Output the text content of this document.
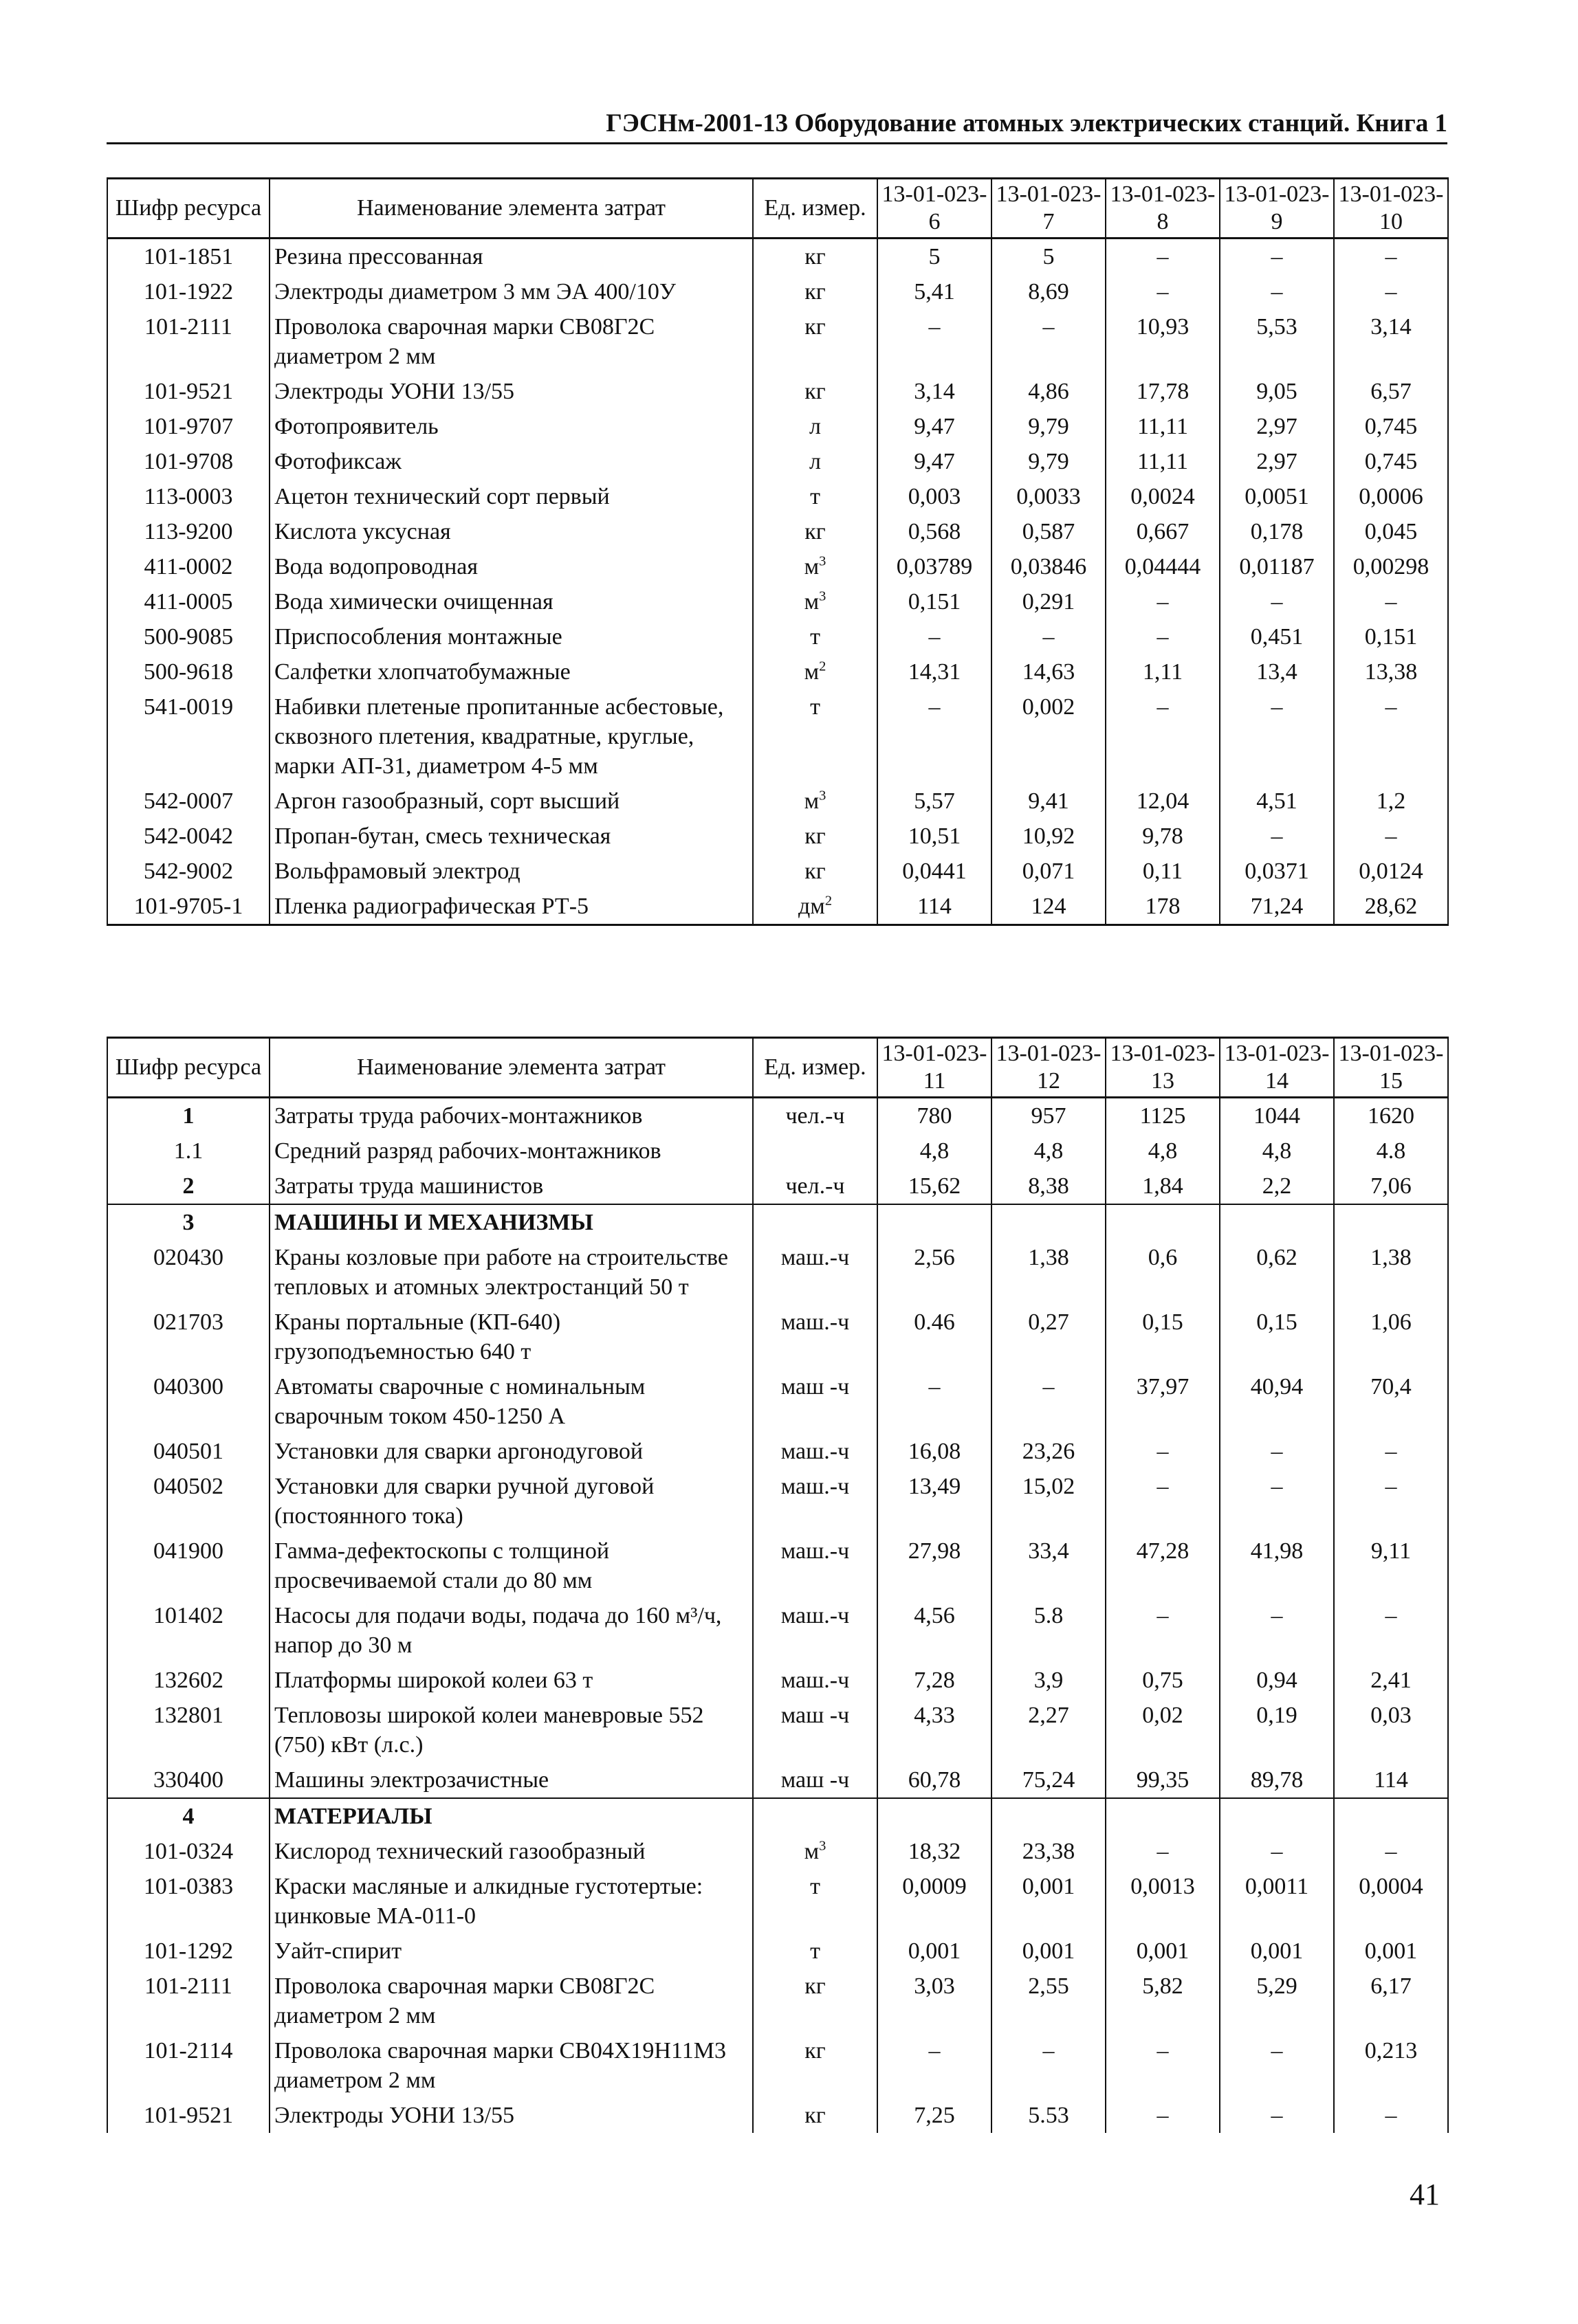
ГЭСНм-2001-13 Оборудование атомных электрических станций. Книга 1
Шифр ресурса	Наименование элемента затрат	Ед. измер.	13-01-023-6	13-01-023-7	13-01-023-8	13-01-023-9	13-01-023-10
101-1851	Резина прессованная	кг	5	5	–	–	–
101-1922	Электроды диаметром 3 мм ЭА 400/10У	кг	5,41	8,69	–	–	–
101-2111	Проволока сварочная марки СВ08Г2С диаметром 2 мм	кг	–	–	10,93	5,53	3,14
101-9521	Электроды УОНИ 13/55	кг	3,14	4,86	17,78	9,05	6,57
101-9707	Фотопроявитель	л	9,47	9,79	11,11	2,97	0,745
101-9708	Фотофиксаж	л	9,47	9,79	11,11	2,97	0,745
113-0003	Ацетон технический сорт первый	т	0,003	0,0033	0,0024	0,0051	0,0006
113-9200	Кислота уксусная	кг	0,568	0,587	0,667	0,178	0,045
411-0002	Вода водопроводная	$м^3$	0,03789	0,03846	0,04444	0,01187	0,00298
411-0005	Вода химически очищенная	$м^3$	0,151	0,291	–	–	–
500-9085	Приспособления монтажные	т	–	–	–	0,451	0,151
500-9618	Салфетки хлопчатобумажные	$м^2$	14,31	14,63	1,11	13,4	13,38
541-0019	Набивки плетеные пропитанные асбестовые, сквозного плетения, квадратные, круглые, марки АП-31, диаметром 4-5 мм	т	–	0,002	–	–	–
542-0007	Аргон газообразный, сорт высший	$м^3$	5,57	9,41	12,04	4,51	1,2
542-0042	Пропан-бутан, смесь техническая	кг	10,51	10,92	9,78	–	–
542-9002	Вольфрамовый электрод	кг	0,0441	0,071	0,11	0,0371	0,0124
101-9705-1	Пленка радиографическая РТ-5	$дм^2$	114	124	178	71,24	28,62
Шифр ресурса	Наименование элемента затрат	Ед. измер.	13-01-023-11	13-01-023-12	13-01-023-13	13-01-023-14	13-01-023-15
1	Затраты труда рабочих-монтажников	чел.-ч	780	957	1125	1044	1620
1.1	Средний разряд рабочих-монтажников		4,8	4,8	4,8	4,8	4.8
2	Затраты труда машинистов	чел.-ч	15,62	8,38	1,84	2,2	7,06
3	МАШИНЫ И МЕХАНИЗМЫ						
020430	Краны козловые при работе на строительстве тепловых и атомных электростанций 50 т	маш.-ч	2,56	1,38	0,6	0,62	1,38
021703	Краны портальные (КП-640) грузоподъемностью 640 т	маш.-ч	0.46	0,27	0,15	0,15	1,06
040300	Автоматы сварочные с номинальным сварочным током 450-1250 А	маш -ч	–	–	37,97	40,94	70,4
040501	Установки для сварки аргонодуговой	маш.-ч	16,08	23,26	–	–	–
040502	Установки для сварки ручной дуговой (постоянного тока)	маш.-ч	13,49	15,02	–	–	–
041900	Гамма-дефектоскопы с толщиной просвечиваемой стали до 80 мм	маш.-ч	27,98	33,4	47,28	41,98	9,11
101402	Насосы для подачи воды, подача до 160 м³/ч, напор до 30 м	маш.-ч	4,56	5.8	–	–	–
132602	Платформы широкой колеи 63 т	маш.-ч	7,28	3,9	0,75	0,94	2,41
132801	Тепловозы широкой колеи маневровые 552 (750) кВт (л.с.)	маш -ч	4,33	2,27	0,02	0,19	0,03
330400	Машины электрозачистные	маш -ч	60,78	75,24	99,35	89,78	114
4	МАТЕРИАЛЫ						
101-0324	Кислород технический газообразный	$м^3$	18,32	23,38	–	–	–
101-0383	Краски масляные и алкидные густотертые: цинковые МА-011-0	т	0,0009	0,001	0,0013	0,0011	0,0004
101-1292	Уайт-спирит	т	0,001	0,001	0,001	0,001	0,001
101-2111	Проволока сварочная марки СВ08Г2С диаметром 2 мм	кг	3,03	2,55	5,82	5,29	6,17
101-2114	Проволока сварочная марки СВ04Х19Н11М3 диаметром 2 мм	кг	–	–	–	–	0,213
101-9521	Электроды УОНИ 13/55	кг	7,25	5.53	–	–	–
41
